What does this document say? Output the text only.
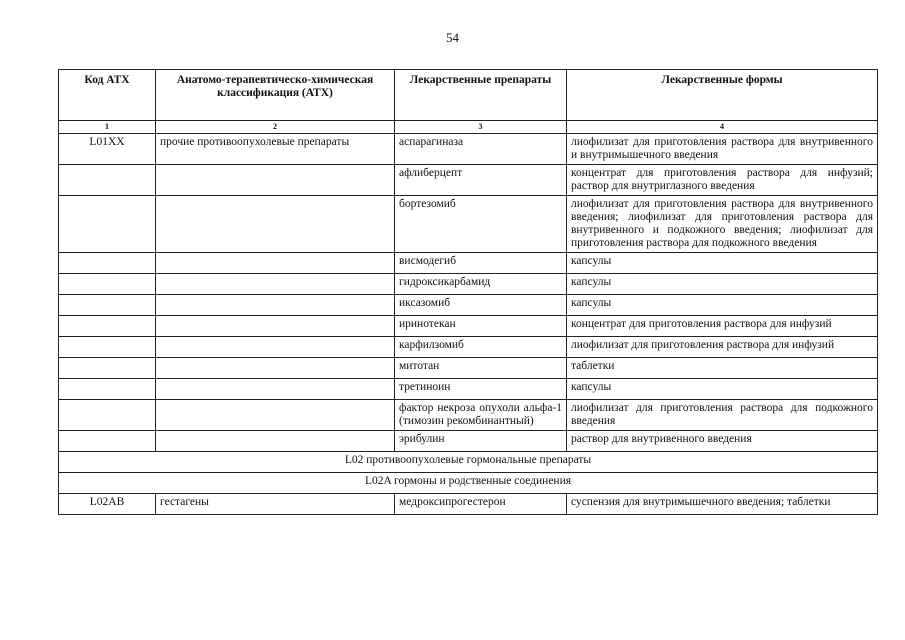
54
Код АТХ	Анатомо-терапевтическо-химическая классификация (АТХ)	Лекарственные препараты	Лекарственные формы
1	2	3	4
L01XX	прочие противоопухолевые препараты	аспарагиназа	лиофилизат для приготовления раствора для внутривенного и внутримышечного введения
		афлиберцепт	концентрат для приготовления раствора для инфузий; раствор для внутриглазного введения
		бортезомиб	лиофилизат для приготовления раствора для внутривенного введения; лиофилизат для приготовления раствора для внутривенного и подкожного введения; лиофилизат для приготовления раствора для подкожного введения
		висмодегиб	капсулы
		гидроксикарбамид	капсулы
		иксазомиб	капсулы
		иринотекан	концентрат для приготовления раствора для инфузий
		карфилзомиб	лиофилизат для приготовления раствора для инфузий
		митотан	таблетки
		третиноин	капсулы
		фактор некроза опухоли альфа-1 (тимозин рекомбинантный)	лиофилизат для приготовления раствора для подкожного введения
		эрибулин	раствор для внутривенного введения
L02 противоопухолевые гормональные препараты			
L02A гормоны и родственные соединения			
L02AB	гестагены	медроксипрогестерон	суспензия для внутримышечного введения; таблетки
